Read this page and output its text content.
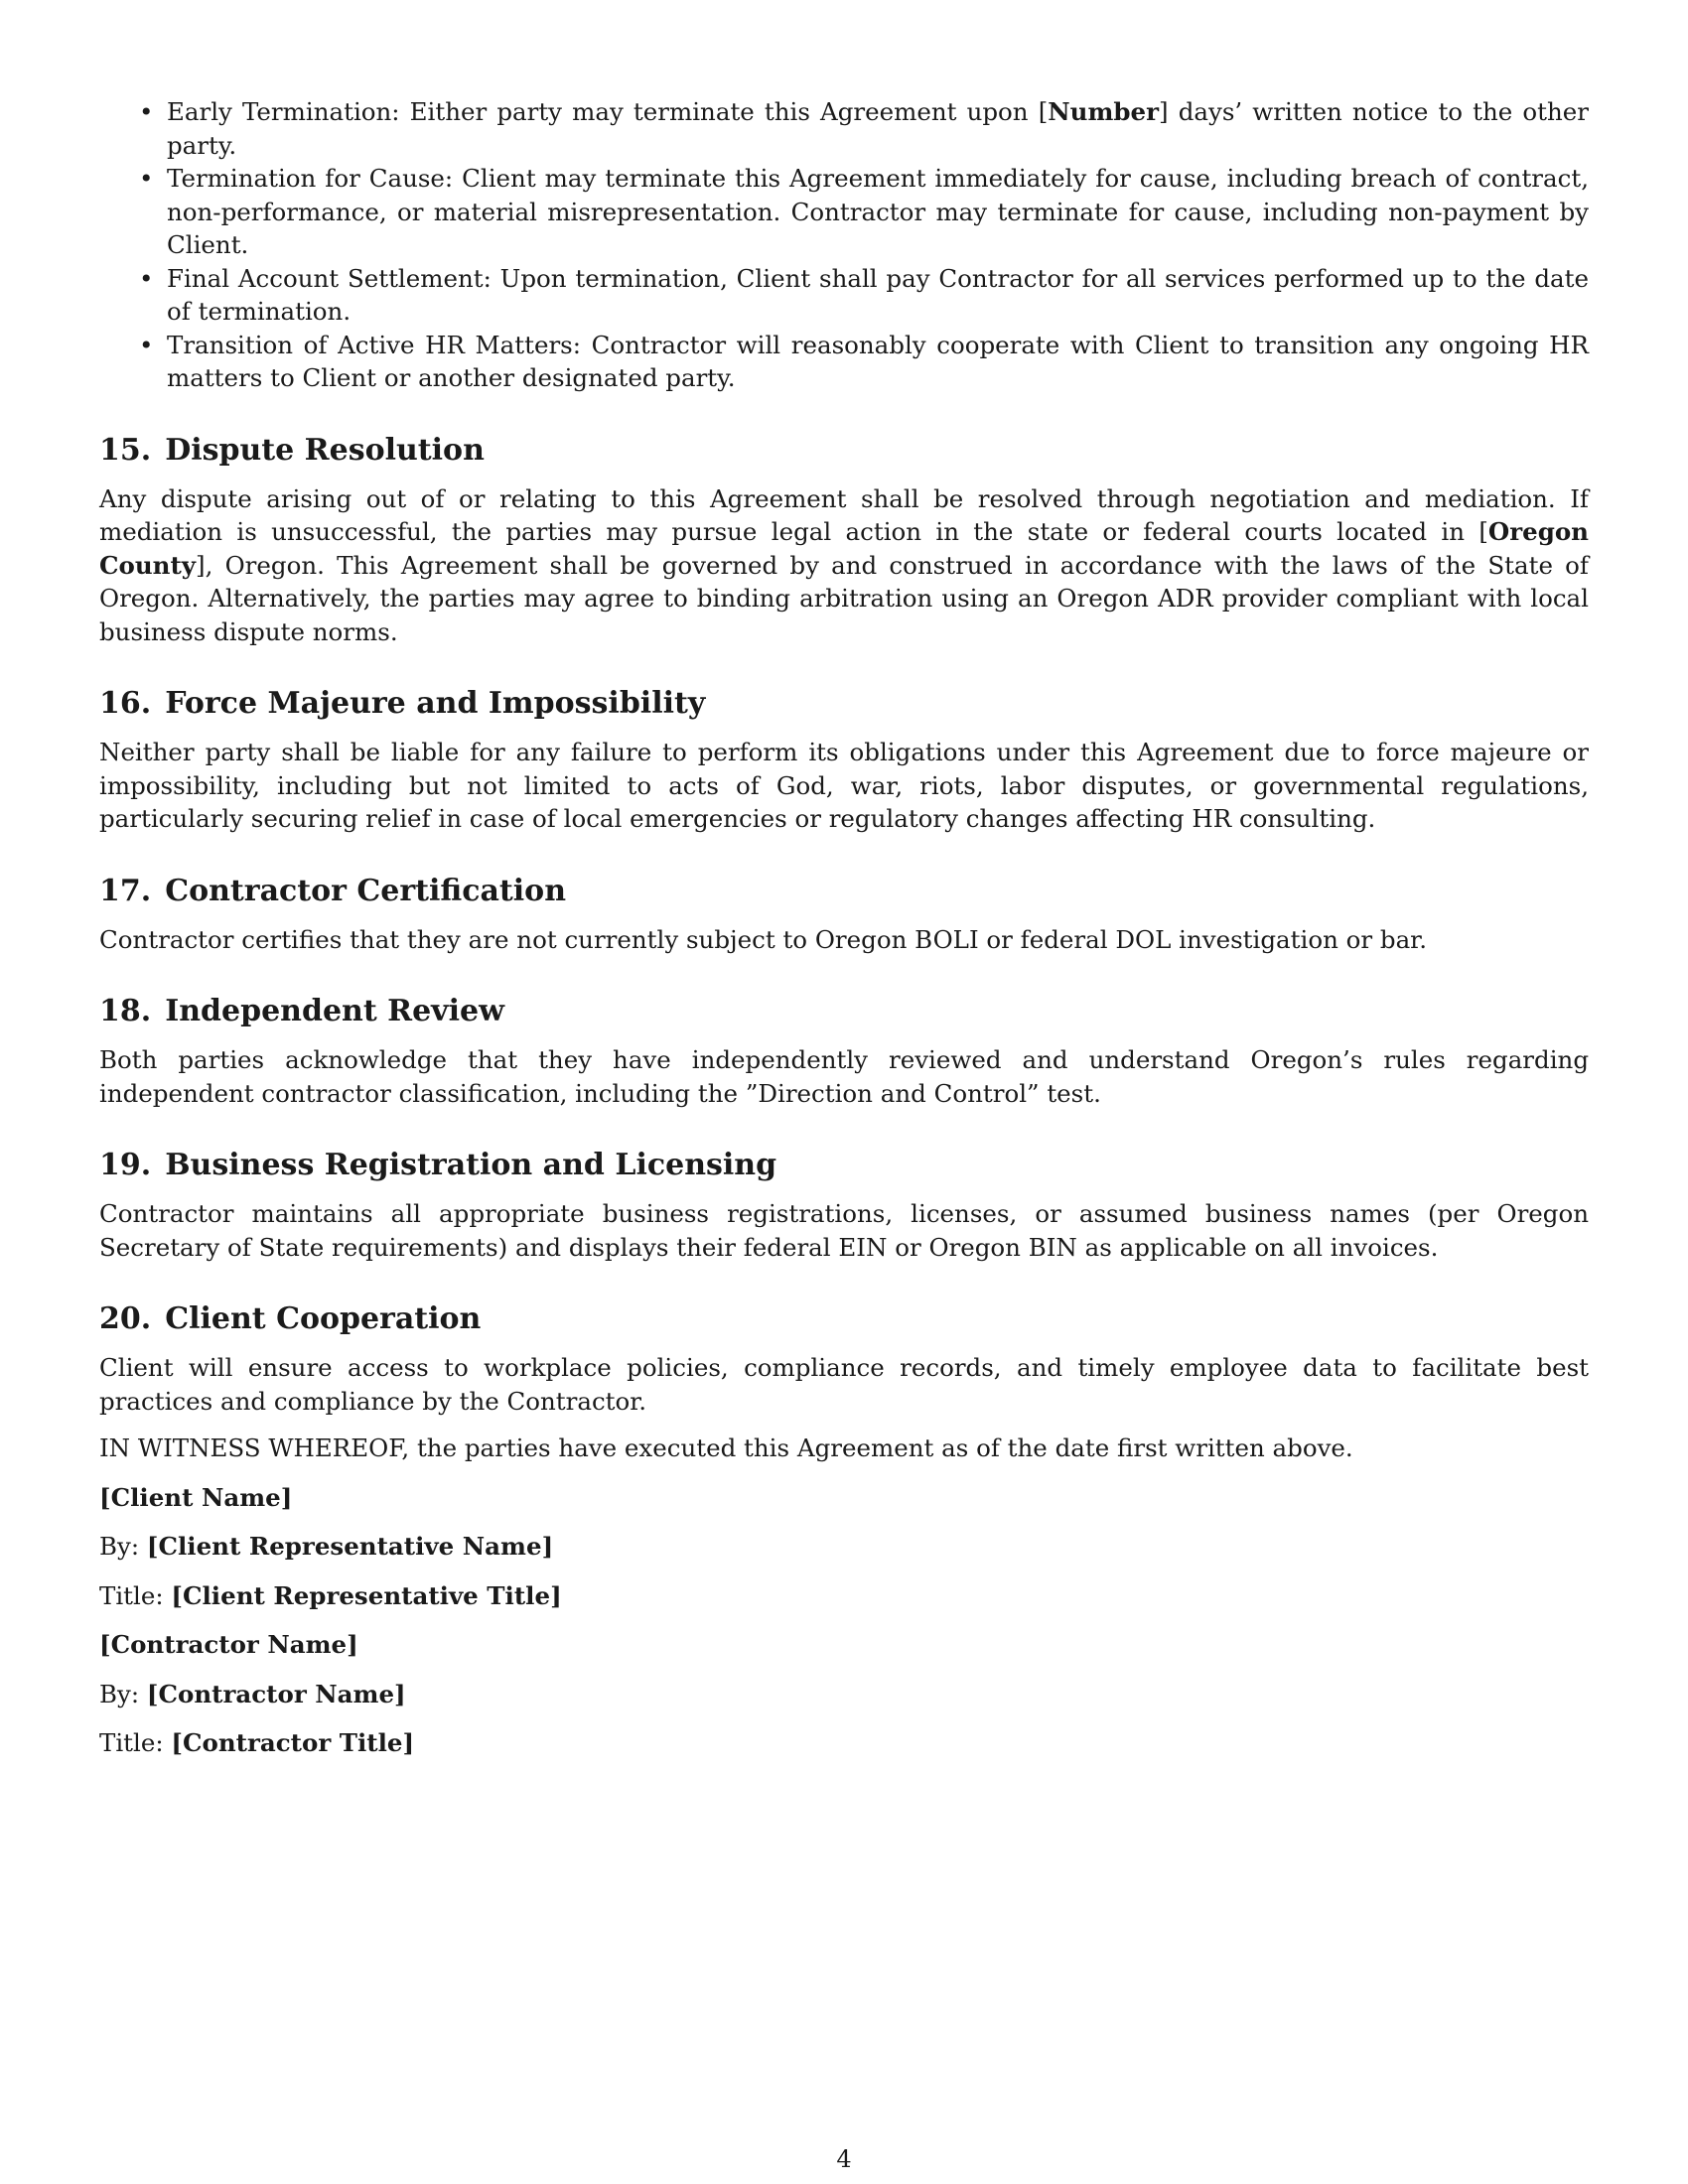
• Early Termination: Either party may terminate this Agreement upon [Number] days’ written notice to the other party.
• Termination for Cause: Client may terminate this Agreement immediately for cause, including breach of contract, non-performance, or material misrepresentation. Contractor may terminate for cause, including non-payment by Client.
• Final Account Settlement: Upon termination, Client shall pay Contractor for all services performed up to the date of termination.
• Transition of Active HR Matters: Contractor will reasonably cooperate with Client to transition any ongoing HR matters to Client or another designated party.
15. Dispute Resolution

Any dispute arising out of or relating to this Agreement shall be resolved through negotiation and mediation. If mediation is unsuccessful, the parties may pursue legal action in the state or federal courts located in [Oregon County], Oregon. This Agreement shall be governed by and construed in accordance with the laws of the State of Oregon. Alternatively, the parties may agree to binding arbitration using an Oregon ADR provider compliant with local business dispute norms.

16. Force Majeure and Impossibility

Neither party shall be liable for any failure to perform its obligations under this Agreement due to force majeure or impossibility, including but not limited to acts of God, war, riots, labor disputes, or governmental regulations, particularly securing relief in case of local emergencies or regulatory changes affecting HR consulting.

17. Contractor Certification

Contractor certifies that they are not currently subject to Oregon BOLI or federal DOL investigation or bar.

18. Independent Review

Both parties acknowledge that they have independently reviewed and understand Oregon’s rules regarding independent contractor classification, including the ”Direction and Control” test.

19. Business Registration and Licensing

Contractor maintains all appropriate business registrations, licenses, or assumed business names (per Oregon Secretary of State requirements) and displays their federal EIN or Oregon BIN as applicable on all invoices.

20. Client Cooperation

Client will ensure access to workplace policies, compliance records, and timely employee data to facilitate best practices and compliance by the Contractor.

IN WITNESS WHEREOF, the parties have executed this Agreement as of the date first written above.

[Client Name]

By: [Client Representative Name]

Title: [Client Representative Title]

[Contractor Name]

By: [Contractor Name]

Title: [Contractor Title]

4
